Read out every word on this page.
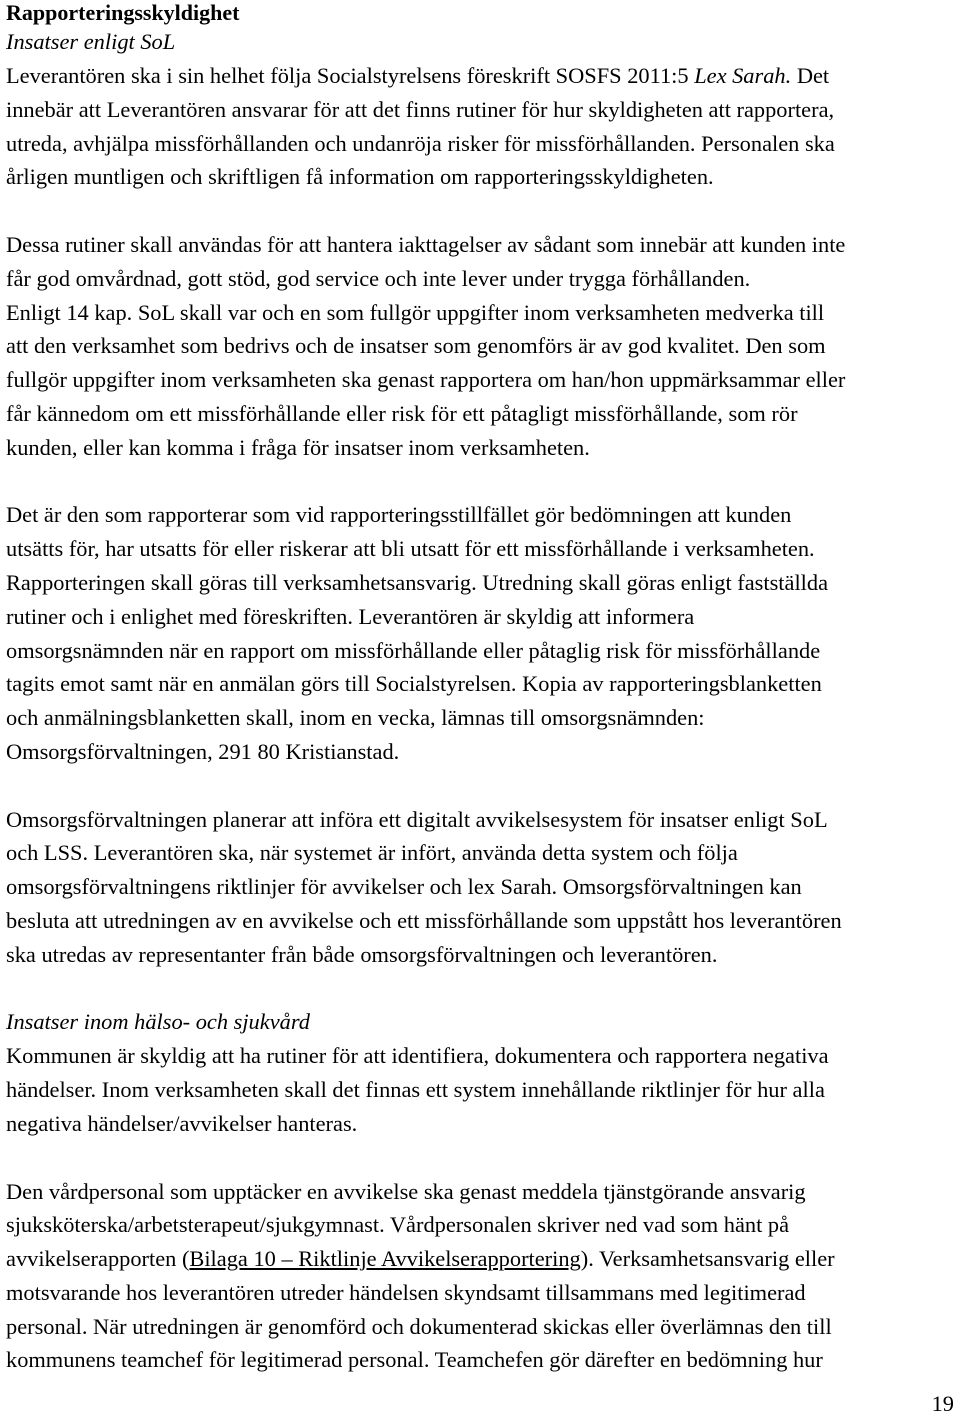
Rapporteringsskyldighet
Insatser enligt SoL

Leverantören ska i sin helhet följa Socialstyrelsens föreskrift SOSFS 2011:5 Lex Sarah. Det
innebär att Leverantören ansvarar för att det finns rutiner för hur skyldigheten att rapportera,
utreda, avhjälpa missförhållanden och undanröja risker för missförhållanden. Personalen ska
årligen muntligen och skriftligen få information om rapporteringsskyldigheten.

Dessa rutiner skall användas för att hantera iakttagelser av sådant som innebär att kunden inte
får god omvårdnad, gott stöd, god service och inte lever under trygga förhållanden.
Enligt 14 kap. SoL skall var och en som fullgör uppgifter inom verksamheten medverka till
att den verksamhet som bedrivs och de insatser som genomförs är av god kvalitet. Den som
fullgör uppgifter inom verksamheten ska genast rapportera om han/hon uppmärksammar eller
får kännedom om ett missförhållande eller risk för ett påtagligt missförhållande, som rör
kunden, eller kan komma i fråga för insatser inom verksamheten.

Det är den som rapporterar som vid rapporteringsstillfället gör bedömningen att kunden
utsätts för, har utsatts för eller riskerar att bli utsatt för ett missförhållande i verksamheten.
Rapporteringen skall göras till verksamhetsansvarig. Utredning skall göras enligt fastställda
rutiner och i enlighet med föreskriften. Leverantören är skyldig att informera
omsorgsnämnden när en rapport om missförhållande eller påtaglig risk för missförhållande
tagits emot samt när en anmälan görs till Socialstyrelsen. Kopia av rapporteringsblanketten
och anmälningsblanketten skall, inom en vecka, lämnas till omsorgsnämnden:
Omsorgsförvaltningen, 291 80 Kristianstad.

Omsorgsförvaltningen planerar att införa ett digitalt avvikelsesystem för insatser enligt SoL
och LSS. Leverantören ska, när systemet är infört, använda detta system och följa
omsorgsförvaltningens riktlinjer för avvikelser och lex Sarah. Omsorgsförvaltningen kan
besluta att utredningen av en avvikelse och ett missförhållande som uppstått hos leverantören
ska utredas av representanter från både omsorgsförvaltningen och leverantören.

Insatser inom hälso- och sjukvård

Kommunen är skyldig att ha rutiner för att identifiera, dokumentera och rapportera negativa
händelser. Inom verksamheten skall det finnas ett system innehållande riktlinjer för hur alla
negativa händelser/avvikelser hanteras.

Den vårdpersonal som upptäcker en avvikelse ska genast meddela tjänstgörande ansvarig
sjuksköterska/arbetsterapeut/sjukgymnast. Vårdpersonalen skriver ned vad som hänt på
avvikelserapporten (Bilaga 10 – Riktlinje Avvikelserapportering). Verksamhetsansvarig eller
motsvarande hos leverantören utreder händelsen skyndsamt tillsammans med legitimerad
personal. När utredningen är genomförd och dokumenterad skickas eller överlämnas den till
kommunens teamchef för legitimerad personal. Teamchefen gör därefter en bedömning hur

19
